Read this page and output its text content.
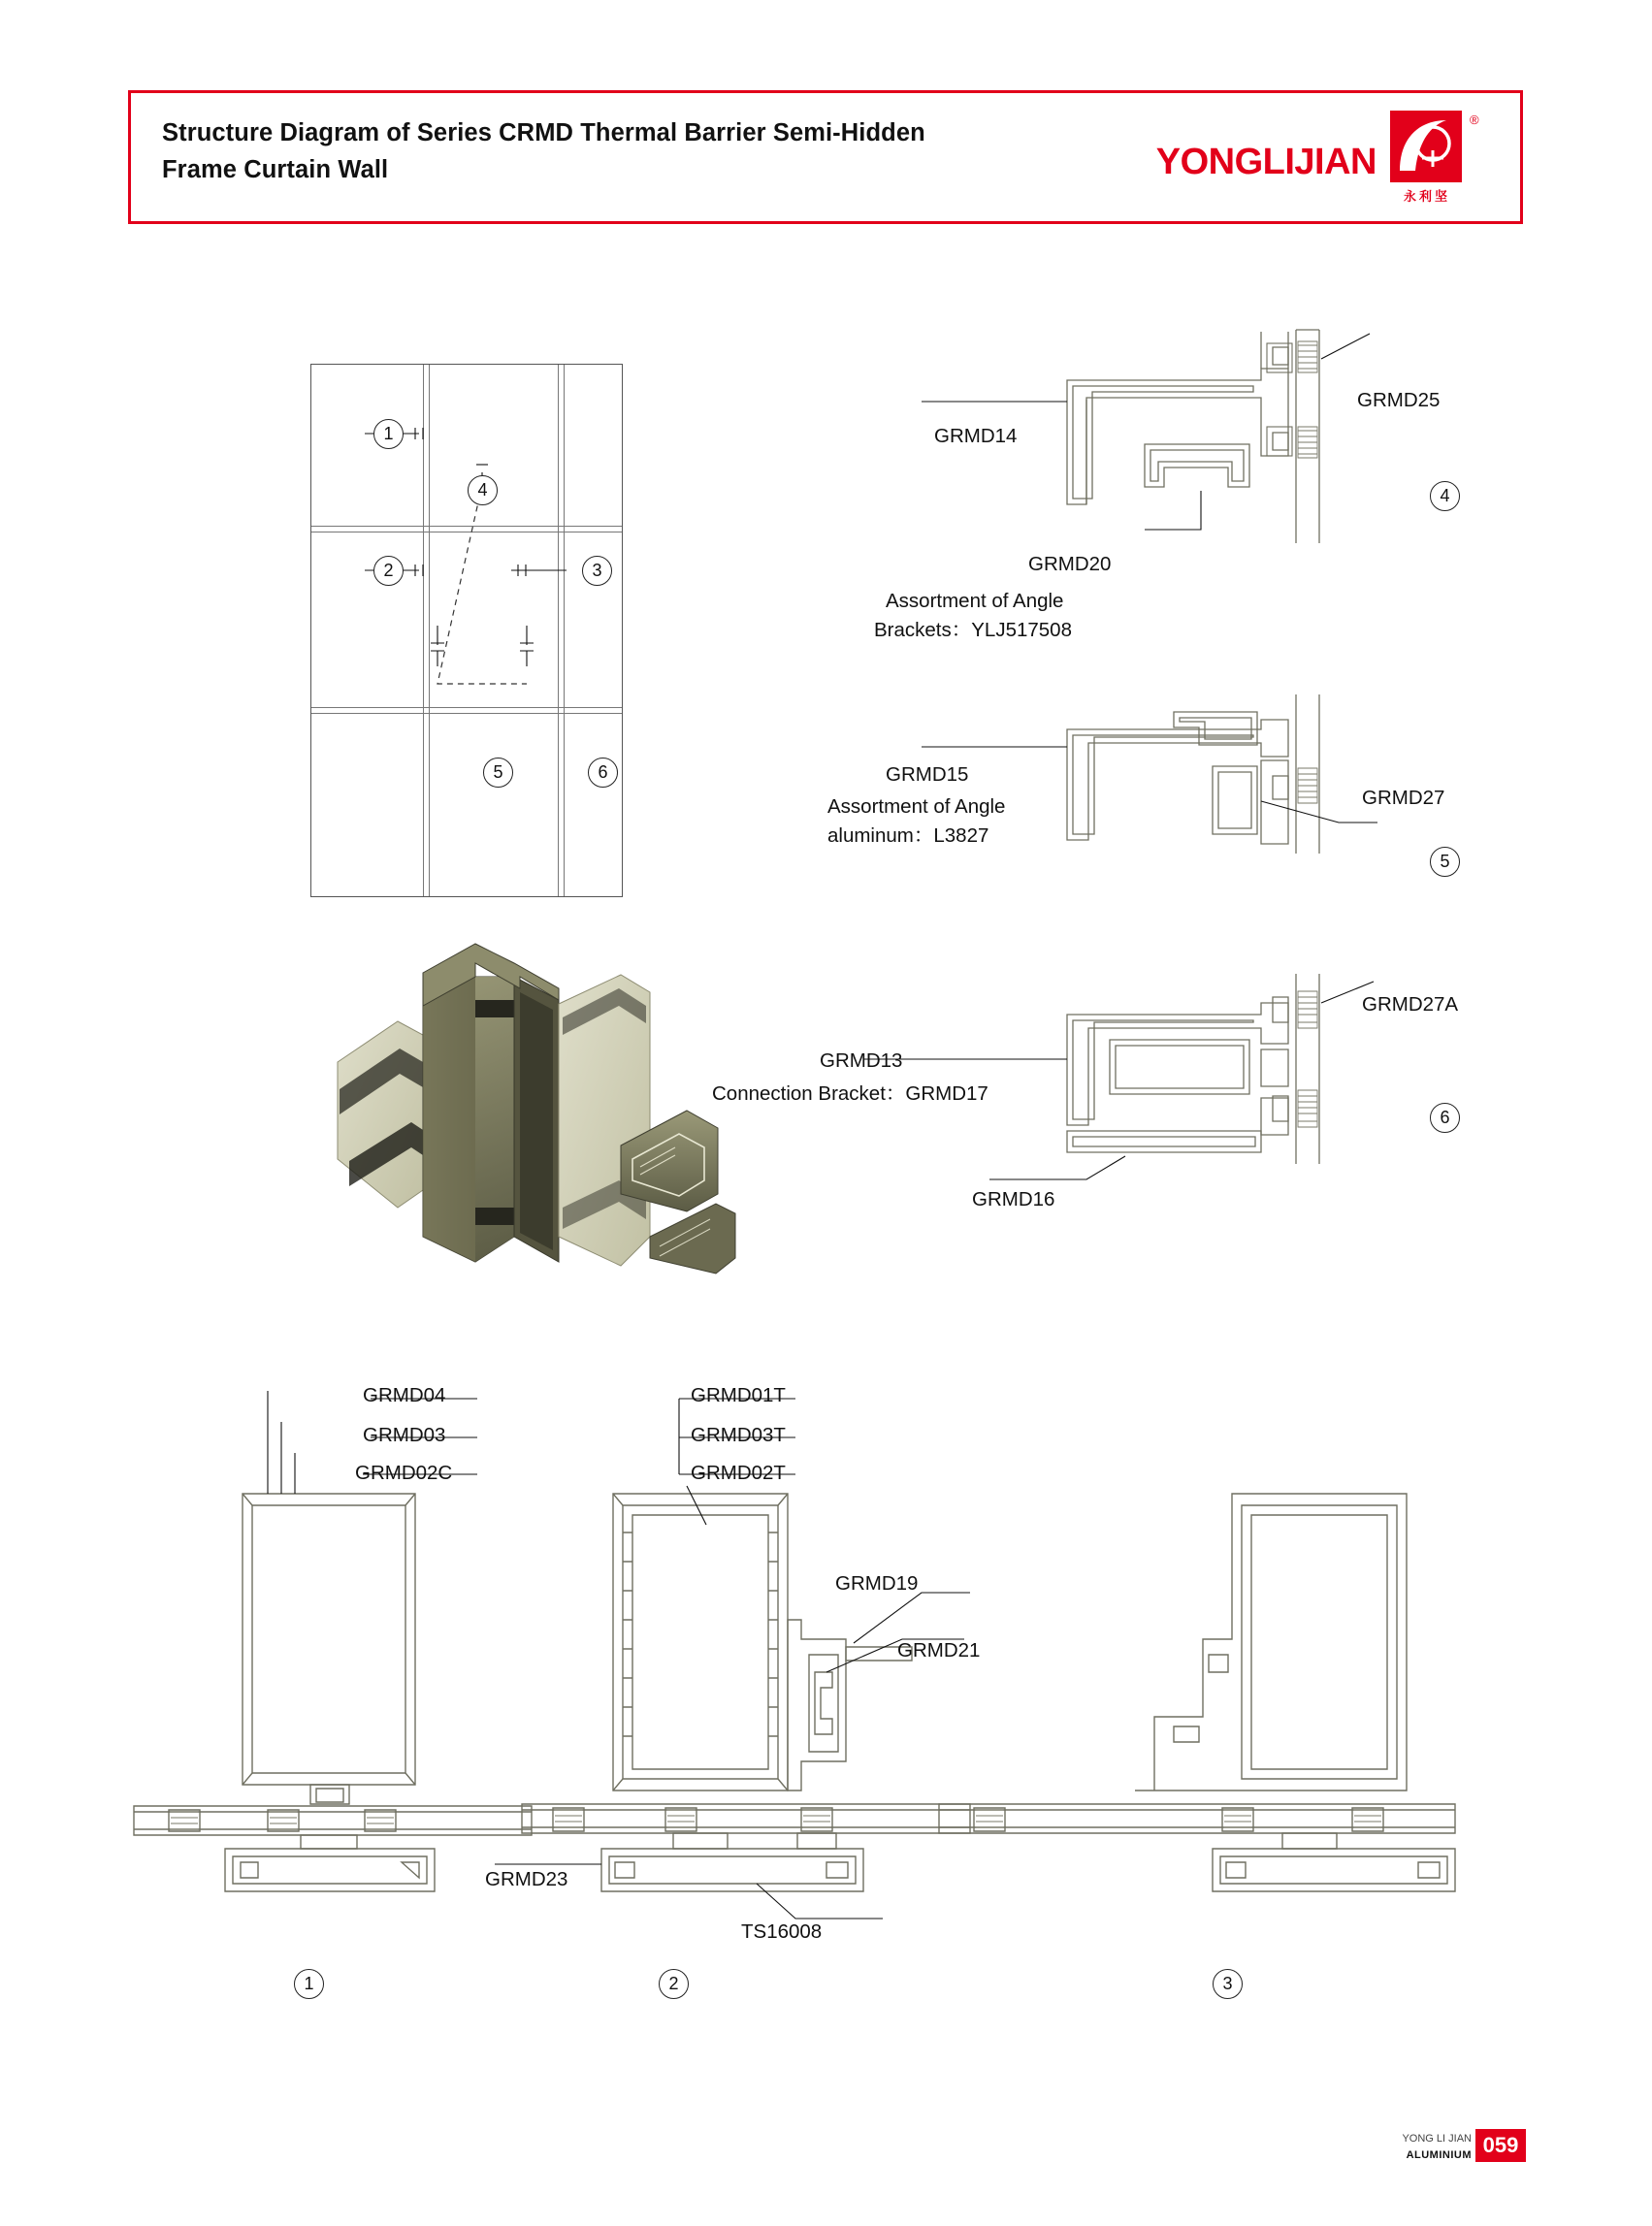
Structure Diagram of Series CRMD Thermal Barrier Semi-Hidden Frame Curtain Wall	YONGLIJIAN
®
永利坚
1
2	3
4
5	6
GRMD14
GRMD25
GRMD20
Assortment of Angle
Brackets：YLJ517508
4
GRMD15
Assortment of Angle
aluminum：L3827
GRMD27
5
GRMD13
Connection Bracket：GRMD17
GRMD27A
GRMD16
6
GRMD04
GRMD03
GRMD02C
1
GRMD01T
GRMD03T
GRMD02T
GRMD19
GRMD21
GRMD23
TS16008
2	3
YONG LI JIAN
ALUMINIUM 059
